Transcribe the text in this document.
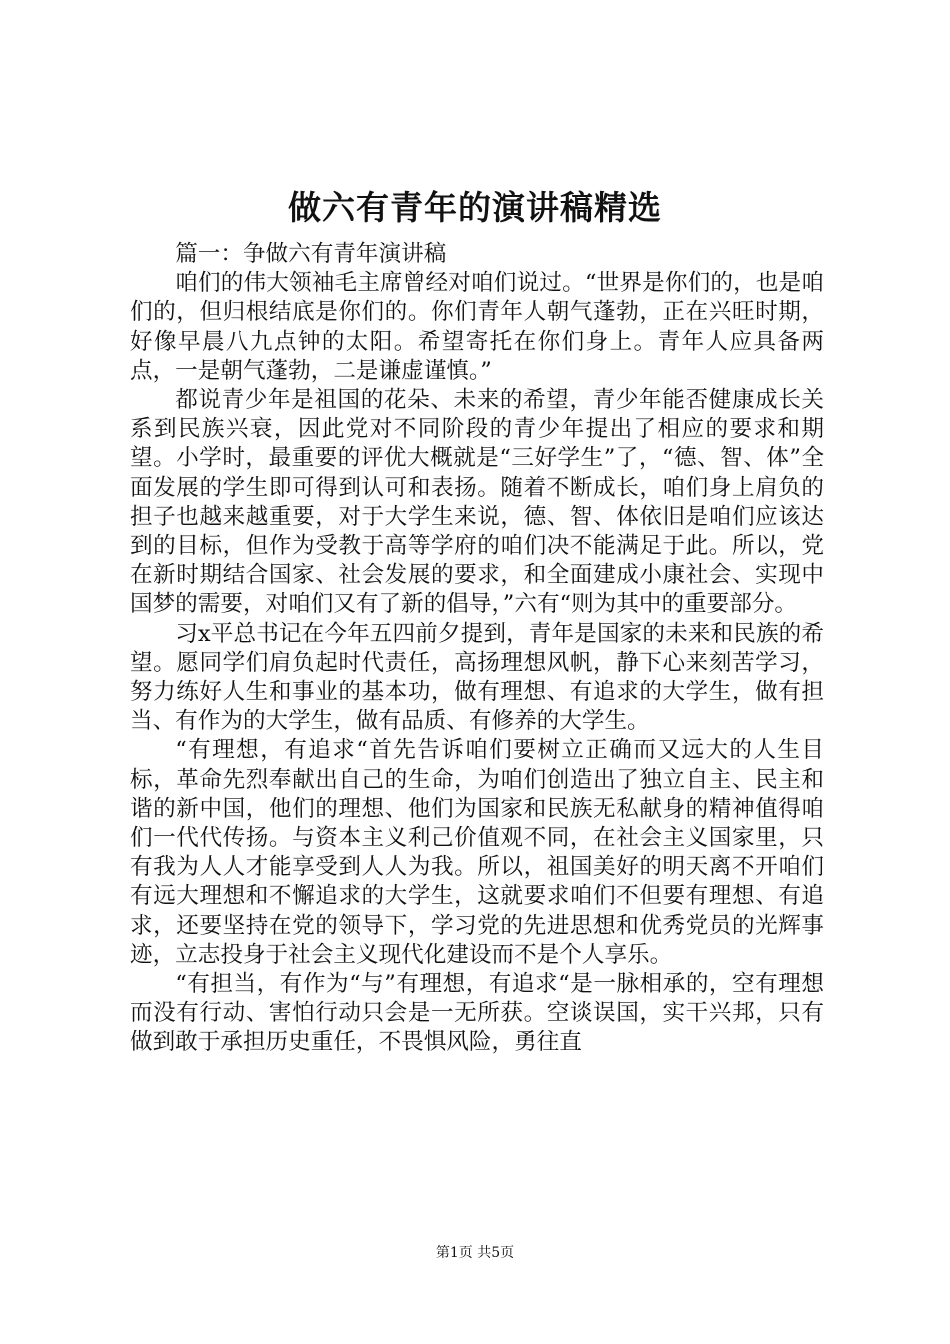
做六有青年的演讲稿精选

篇一：争做六有青年演讲稿

咱们的伟大领袖毛主席曾经对咱们说过。“世界是你们的，也是咱们的，但归根结底是你们的。你们青年人朝气蓬勃，正在兴旺时期，好像早晨八九点钟的太阳。希望寄托在你们身上。青年人应具备两点，一是朝气蓬勃，二是谦虚谨慎。”

都说青少年是祖国的花朵、未来的希望，青少年能否健康成长关系到民族兴衰，因此党对不同阶段的青少年提出了相应的要求和期望。小学时，最重要的评优大概就是“三好学生”了，“德、智、体”全面发展的学生即可得到认可和表扬。随着不断成长，咱们身上肩负的担子也越来越重要，对于大学生来说，德、智、体依旧是咱们应该达到的目标，但作为受教于高等学府的咱们决不能满足于此。所以，党在新时期结合国家、社会发展的要求，和全面建成小康社会、实现中国梦的需要，对咱们又有了新的倡导，”六有“则为其中的重要部分。

习x平总书记在今年五四前夕提到，青年是国家的未来和民族的希望。愿同学们肩负起时代责任，高扬理想风帆，静下心来刻苦学习，努力练好人生和事业的基本功，做有理想、有追求的大学生，做有担当、有作为的大学生，做有品质、有修养的大学生。

“有理想，有追求“首先告诉咱们要树立正确而又远大的人生目标，革命先烈奉献出自己的生命，为咱们创造出了独立自主、民主和谐的新中国，他们的理想、他们为国家和民族无私献身的精神值得咱们一代代传扬。与资本主义利己价值观不同，在社会主义国家里，只有我为人人才能享受到人人为我。所以，祖国美好的明天离不开咱们有远大理想和不懈追求的大学生，这就要求咱们不但要有理想、有追求，还要坚持在党的领导下，学习党的先进思想和优秀党员的光辉事迹，立志投身于社会主义现代化建设而不是个人享乐。

“有担当，有作为“与”有理想，有追求“是一脉相承的，空有理想而没有行动、害怕行动只会是一无所获。空谈误国，实干兴邦，只有做到敢于承担历史重任，不畏惧风险，勇往直

第1页 共5页
